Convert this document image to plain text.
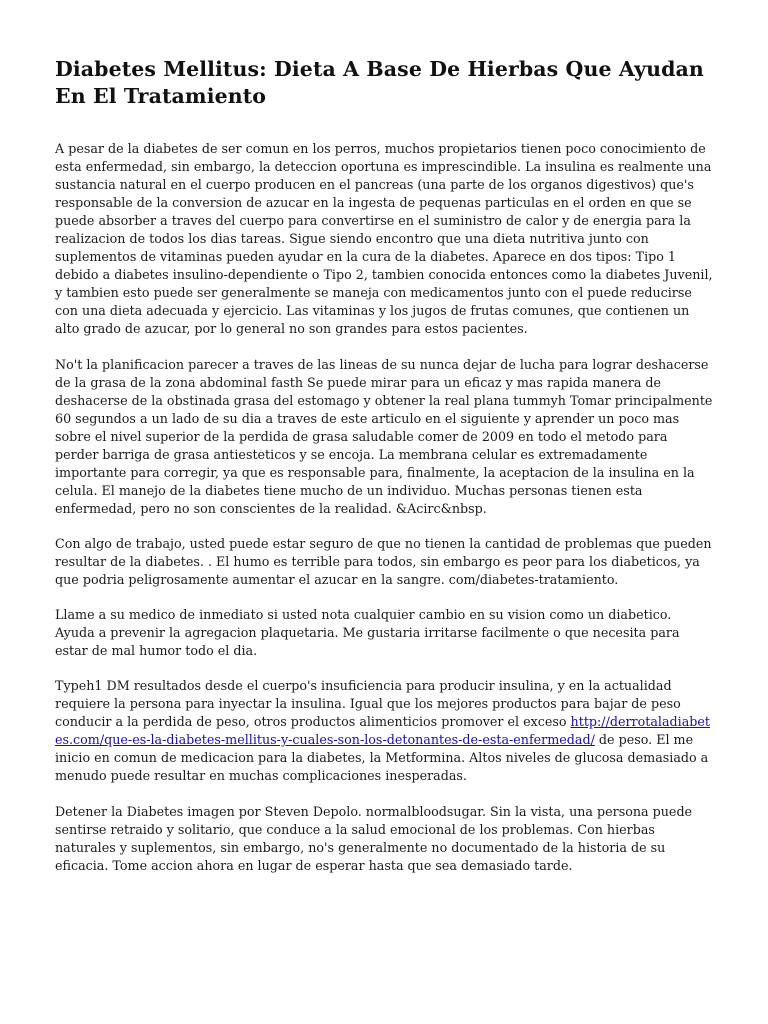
Diabetes Mellitus: Dieta A Base De Hierbas Que Ayudan En El Tratamiento

A pesar de la diabetes de ser comun en los perros, muchos propietarios tienen poco conocimiento de esta enfermedad, sin embargo, la deteccion oportuna es imprescindible. La insulina es realmente una sustancia natural en el cuerpo producen en el pancreas (una parte de los organos digestivos) que's responsable de la conversion de azucar en la ingesta de pequenas particulas en el orden en que se puede absorber a traves del cuerpo para convertirse en el suministro de calor y de energia para la realizacion de todos los dias tareas. Sigue siendo encontro que una dieta nutritiva junto con suplementos de vitaminas pueden ayudar en la cura de la diabetes. Aparece en dos tipos: Tipo 1 debido a diabetes insulino-dependiente o Tipo 2, tambien conocida entonces como la diabetes Juvenil, y tambien esto puede ser generalmente se maneja con medicamentos junto con el puede reducirse con una dieta adecuada y ejercicio. Las vitaminas y los jugos de frutas comunes, que contienen un alto grado de azucar, por lo general no son grandes para estos pacientes.

No't la planificacion parecer a traves de las lineas de su nunca dejar de lucha para lograr deshacerse de la grasa de la zona abdominal fasth Se puede mirar para un eficaz y mas rapida manera de deshacerse de la obstinada grasa del estomago y obtener la real plana tummyh Tomar principalmente 60 segundos a un lado de su dia a traves de este articulo en el siguiente y aprender un poco mas sobre el nivel superior de la perdida de grasa saludable comer de 2009 en todo el metodo para perder barriga de grasa antiesteticos y se encoja. La membrana celular es extremadamente importante para corregir, ya que es responsable para, finalmente, la aceptacion de la insulina en la celula. El manejo de la diabetes tiene mucho de un individuo. Muchas personas tienen esta enfermedad, pero no son conscientes de la realidad. &Acirc&nbsp.

Con algo de trabajo, usted puede estar seguro de que no tienen la cantidad de problemas que pueden resultar de la diabetes. . El humo es terrible para todos, sin embargo es peor para los diabeticos, ya que podria peligrosamente aumentar el azucar en la sangre. com/diabetes-tratamiento.

Llame a su medico de inmediato si usted nota cualquier cambio en su vision como un diabetico. Ayuda a prevenir la agregacion plaquetaria. Me gustaria irritarse facilmente o que necesita para estar de mal humor todo el dia.

Typeh1 DM resultados desde el cuerpo's insuficiencia para producir insulina, y en la actualidad requiere la persona para inyectar la insulina. Igual que los mejores productos para bajar de peso conducir a la perdida de peso, otros productos alimenticios promover el exceso http://derrotaladiabetes.com/que-es-la-diabetes-mellitus-y-cuales-son-los-detonantes-de-esta-enfermedad/ de peso. El me inicio en comun de medicacion para la diabetes, la Metformina. Altos niveles de glucosa demasiado a menudo puede resultar en muchas complicaciones inesperadas.

Detener la Diabetes imagen por Steven Depolo. normalbloodsugar. Sin la vista, una persona puede sentirse retraido y solitario, que conduce a la salud emocional de los problemas. Con hierbas naturales y suplementos, sin embargo, no's generalmente no documentado de la historia de su eficacia. Tome accion ahora en lugar de esperar hasta que sea demasiado tarde.
